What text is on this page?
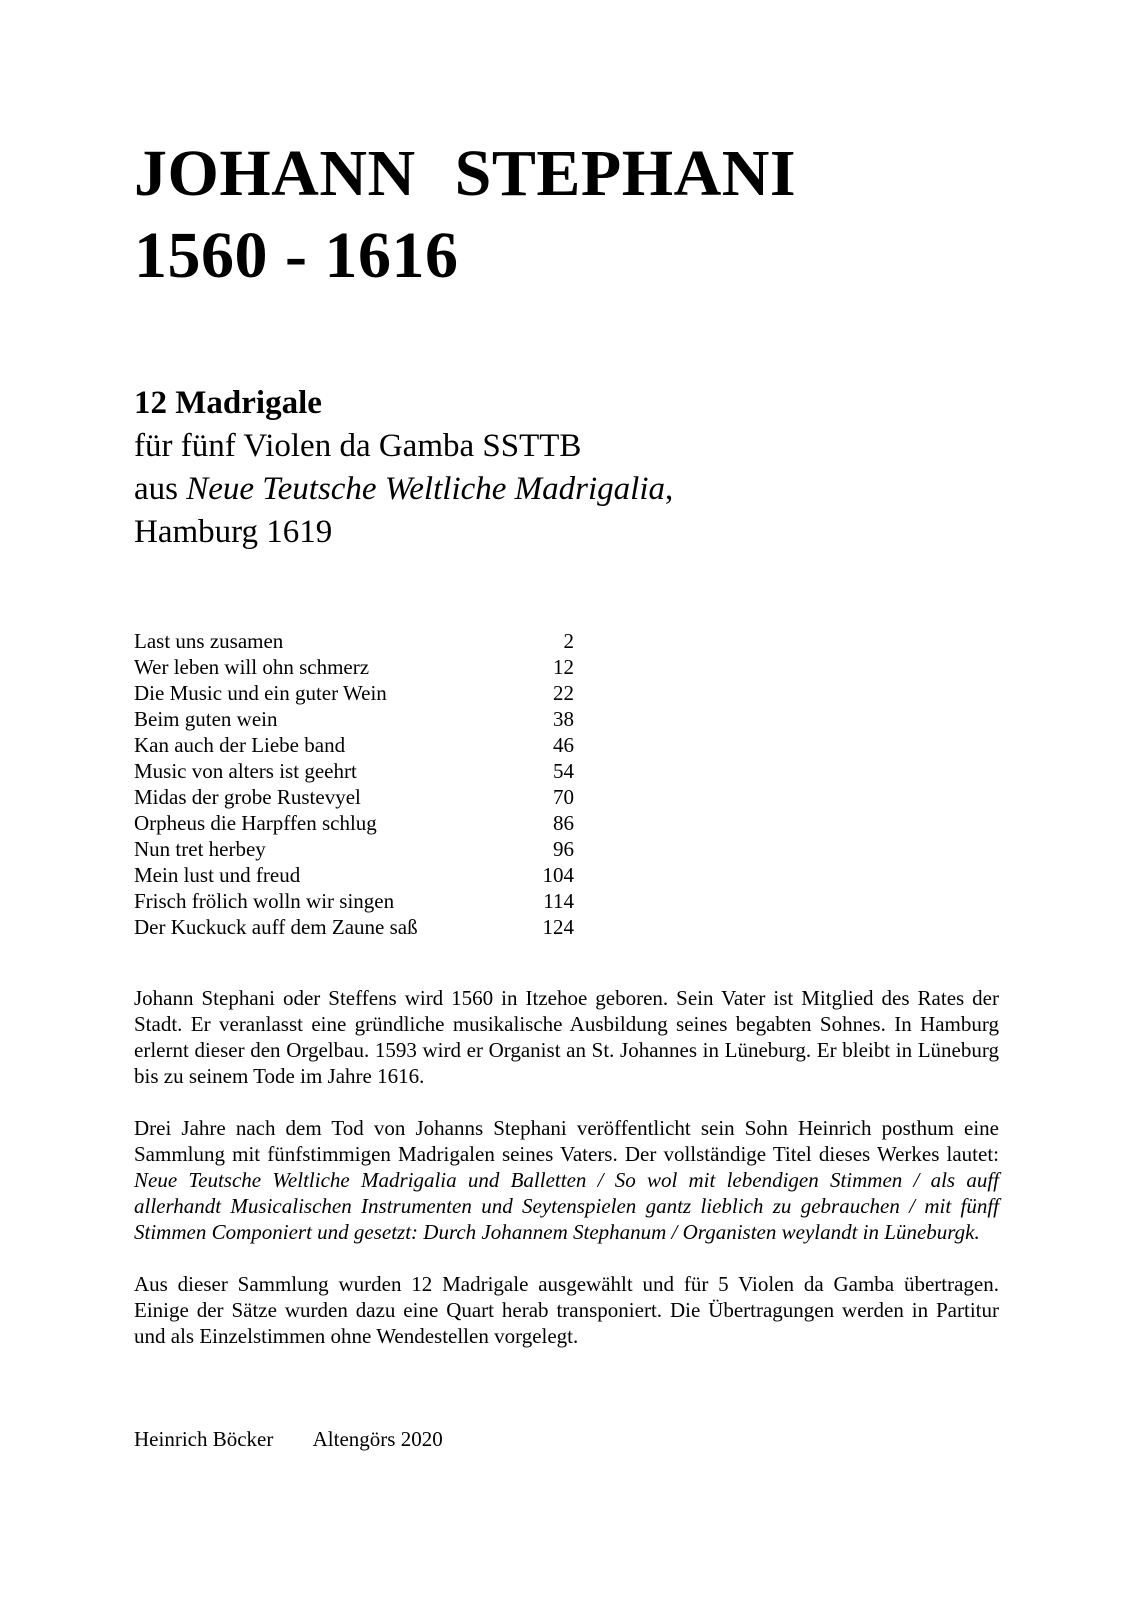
JOHANN STEPHANI
1560 - 1616
12 Madrigale
für fünf Violen da Gamba SSTTB
aus Neue Teutsche Weltliche Madrigalia,
Hamburg 1619
Last uns zusamen	2
Wer leben will ohn schmerz	12
Die Music und ein guter Wein	22
Beim guten wein	38
Kan auch der Liebe band	46
Music von alters ist geehrt	54
Midas der grobe Rustevyel	70
Orpheus die Harpffen schlug	86
Nun tret herbey	96
Mein lust und freud	104
Frisch frölich wolln wir singen	114
Der Kuckuck auff dem Zaune saß	124

Johann Stephani oder Steffens wird 1560 in Itzehoe geboren. Sein Vater ist Mitglied des Rates der Stadt. Er veranlasst eine gründliche musikalische Ausbildung seines begabten Sohnes. In Hamburg erlernt dieser den Orgelbau. 1593 wird er Organist an St. Johannes in Lüneburg. Er bleibt in Lüneburg bis zu seinem Tode im Jahre 1616.

Drei Jahre nach dem Tod von Johanns Stephani veröffentlicht sein Sohn Heinrich posthum eine Sammlung mit fünfstimmigen Madrigalen seines Vaters. Der vollständige Titel dieses Werkes lautet: Neue Teutsche Weltliche Madrigalia und Balletten / So wol mit lebendigen Stimmen / als auff allerhandt Musicalischen Instrumenten und Seytenspielen gantz lieblich zu gebrauchen / mit fünff Stimmen Componiert und gesetzt: Durch Johannem Stephanum / Organisten weylandt in Lüneburgk.

Aus dieser Sammlung wurden 12 Madrigale ausgewählt und für 5 Violen da Gamba übertragen. Einige der Sätze wurden dazu eine Quart herab transponiert. Die Übertragungen werden in Partitur und als Einzelstimmen ohne Wendestellen vorgelegt.

Heinrich Böcker Altengörs 2020
